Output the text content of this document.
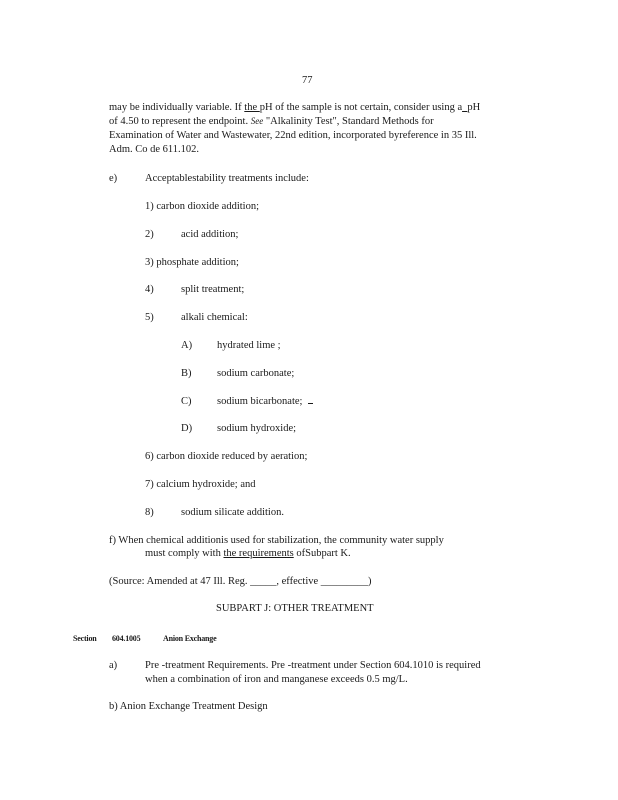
77
may be individually variable. If the pH of the sample is not certain, consider using a_pH
of 4.50 to represent the endpoint. See "Alkalinity Test", Standard Methods for
Examination of Water and Wastewater, 22nd edition, incorporated byreference in 35 Ill.
Adm. Co de 611.102.
e)	Acceptablestability treatments include:
1) carbon dioxide addition;
2)	acid addition;
3) phosphate addition;
4)	split treatment;
5)	alkali chemical:
A) hydrated lime ;
B) sodium carbonate;
C) sodium bicarbonate;
D) sodium hydroxide;
6) carbon dioxide reduced by aeration;
7) calcium hydroxide; and
8)	sodium silicate addition.
f) When chemical additionis used for stabilization, the community water supply
must comply with the requirements ofSubpart K.
(Source: Amended at 47 Ill. Reg. _____, effective _________)
SUBPART J: OTHER TREATMENT
Section 604.1005	Anion Exchange
a)	Pre -treatment Requirements. Pre -treatment under Section 604.1010 is required
when a combination of iron and manganese exceeds 0.5 mg/L.
b) Anion Exchange Treatment Design
